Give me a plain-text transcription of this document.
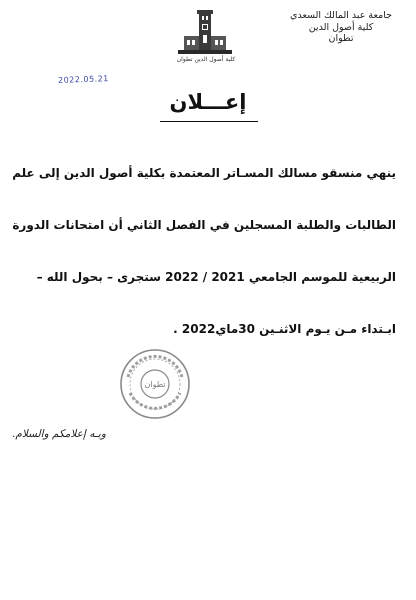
جامعة عبد المالك السعدي
كلية أصول الدين
تطوان
كلية أصول الدين تطوان
2022.05.21
إعـــلان

ينهي منسقو مسالك المسـاتر المعتمدة بكلية أصول الدين إلى علم

الطالبات والطلبة المسجلين في الفصل الثاني أن امتحانات الدورة

الربيعية للموسم الجامعي 2021 / 2022 ستجرى – بحول الله –

ابـتداء مـن يـوم الاثنـين 30ماي2022 .

تطوان
وبـه إعلامكم والسلام.
